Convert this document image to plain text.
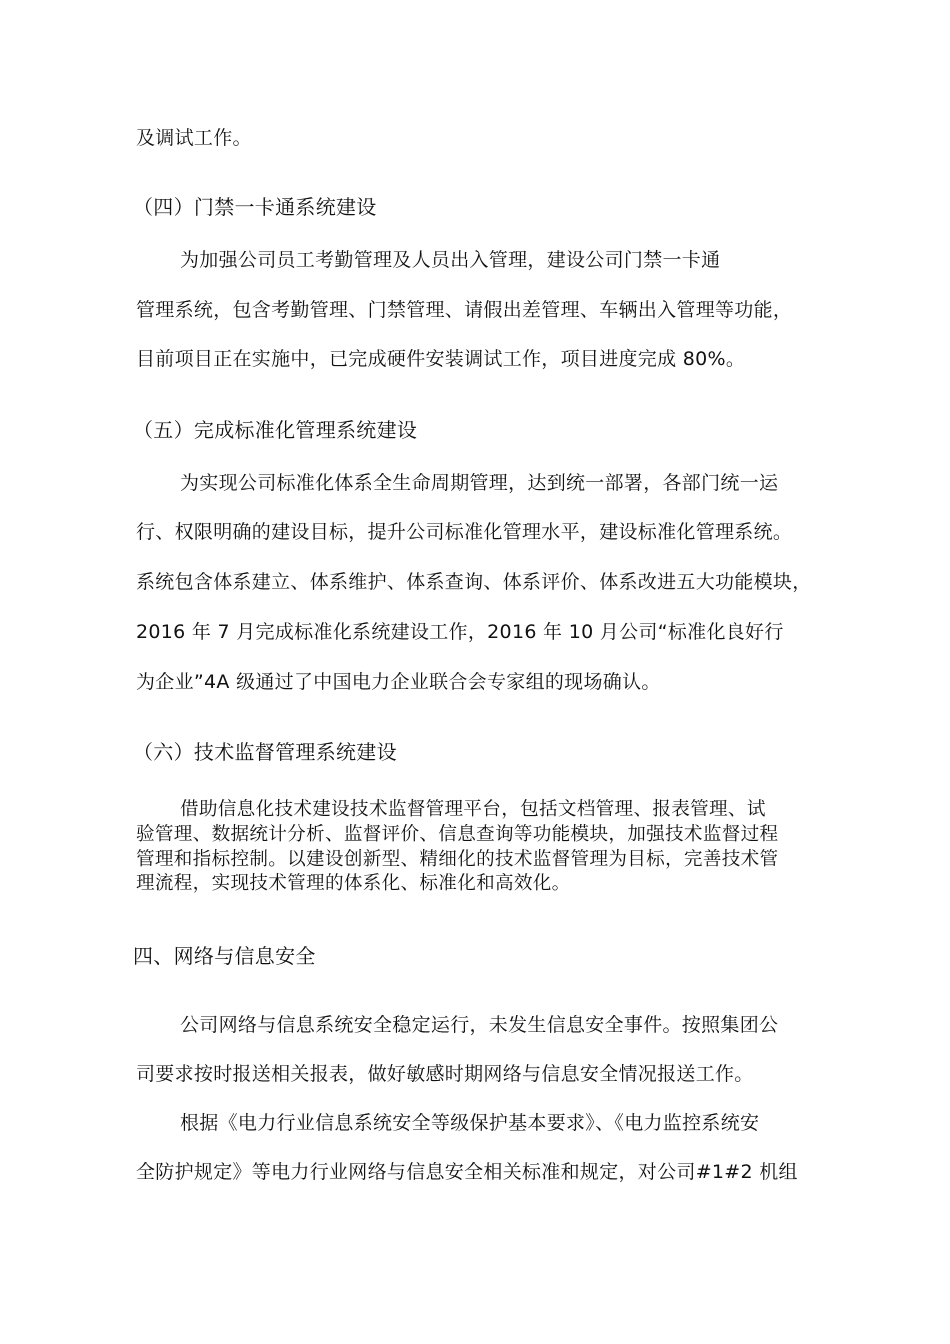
及调试工作。
（四）门禁一卡通系统建设
为加强公司员工考勤管理及人员出入管理，建设公司门禁一卡通
管理系统，包含考勤管理、门禁管理、请假出差管理、车辆出入管理等功能，
目前项目正在实施中，已完成硬件安装调试工作，项目进度完成 80%。
（五）完成标准化管理系统建设
为实现公司标准化体系全生命周期管理，达到统一部署，各部门统一运
行、权限明确的建设目标，提升公司标准化管理水平，建设标准化管理系统。
系统包含体系建立、体系维护、体系查询、体系评价、体系改进五大功能模块，
2016 年 7 月完成标准化系统建设工作，2016 年 10 月公司“标准化良好行
为企业”4A 级通过了中国电力企业联合会专家组的现场确认。
（六）技术监督管理系统建设
借助信息化技术建设技术监督管理平台，包括文档管理、报表管理、试
验管理、数据统计分析、监督评价、信息查询等功能模块，加强技术监督过程
管理和指标控制。以建设创新型、精细化的技术监督管理为目标，完善技术管
理流程，实现技术管理的体系化、标准化和高效化。
四、网络与信息安全
公司网络与信息系统安全稳定运行，未发生信息安全事件。按照集团公
司要求按时报送相关报表，做好敏感时期网络与信息安全情况报送工作。
根据《电力行业信息系统安全等级保护基本要求》、《电力监控系统安
全防护规定》等电力行业网络与信息安全相关标准和规定，对公司#1#2 机组
